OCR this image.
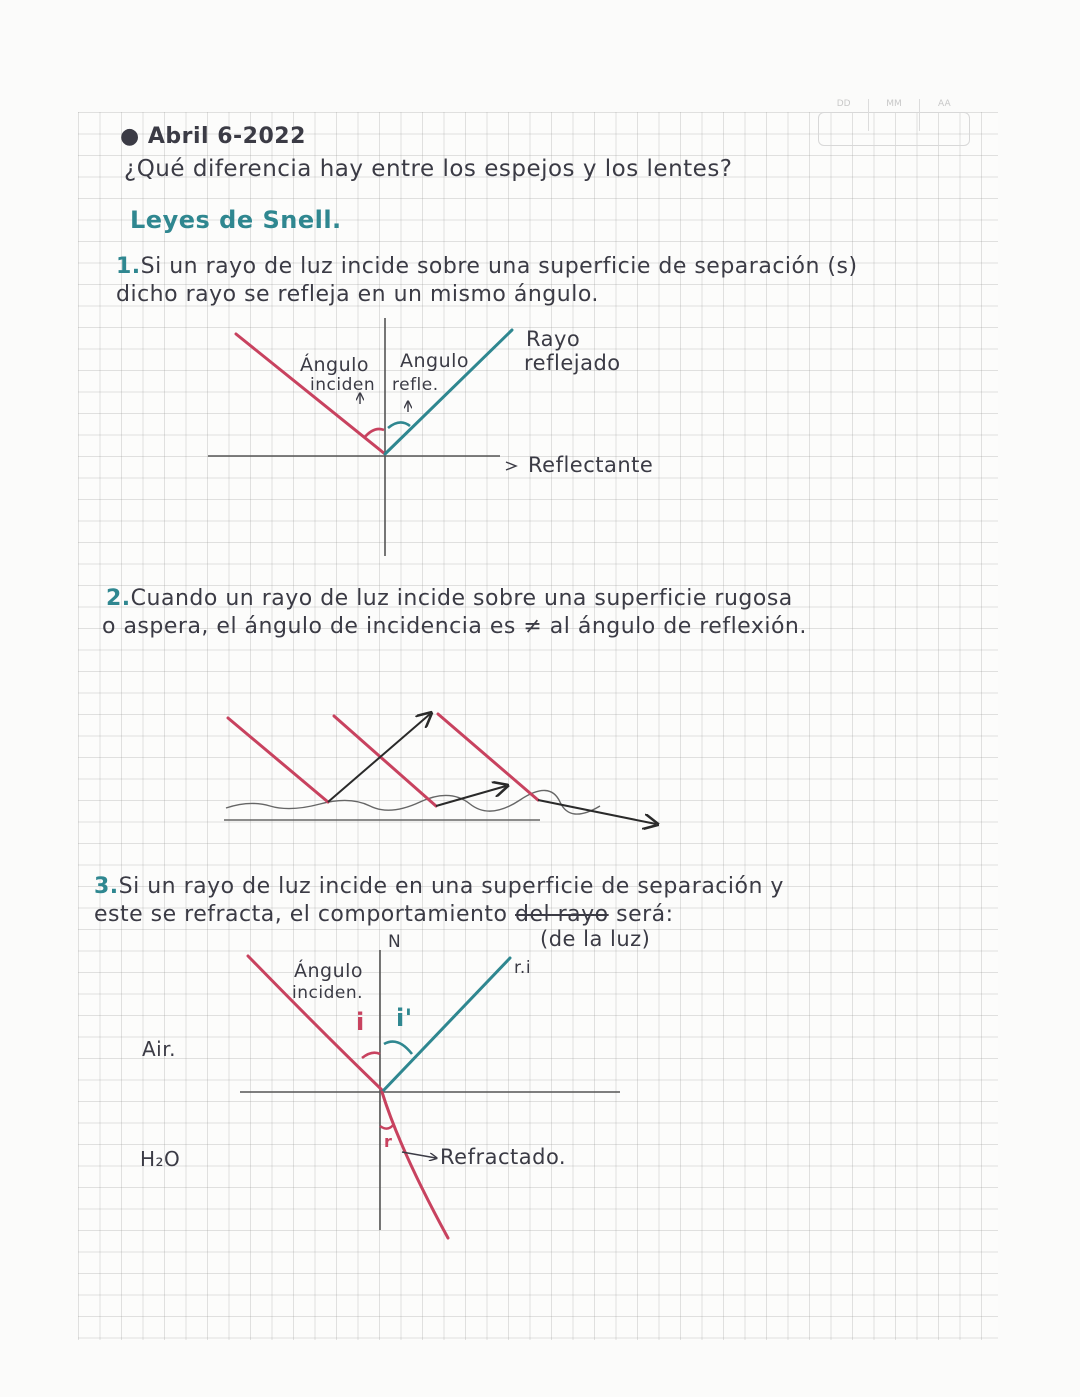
DD	MM	AA

● Abril 6-2022

¿Qué diferencia hay entre los espejos y los lentes?

Leyes de Snell.

1.Si un rayo de luz incide sobre una superficie de separación (s)

dicho rayo se refleja en un mismo ángulo.

Ángulo

inciden

Angulo

refle.

Rayo

reflejado

Reflectante

2.Cuando un rayo de luz incide sobre una superficie rugosa

o aspera, el ángulo de incidencia es ≠ al ángulo de reflexión.

3.Si un rayo de luz incide en una superficie de separación y

este se refracta, el comportamiento del rayo será:

(de la luz)

N

r.i

Ángulo

inciden.

i i'

r

Air.

H₂O	Refractado.
